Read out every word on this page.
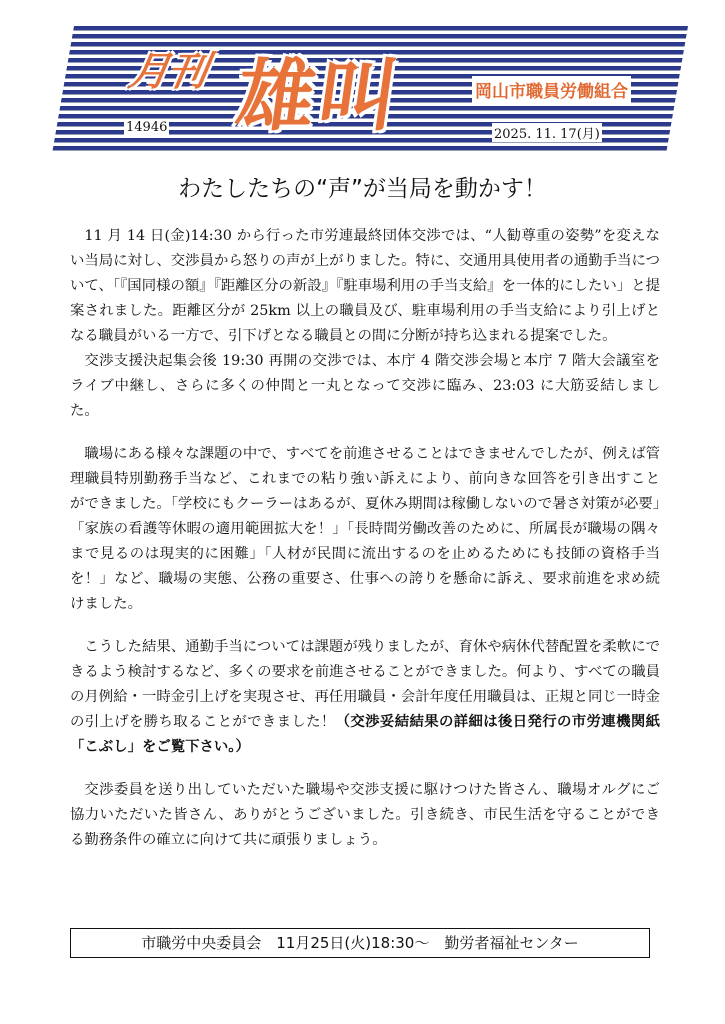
月刊 雄叫	岡山市職員労働組合
14946	2025. 11. 17(月)
わたしたちの“声”が当局を動かす！

11 月 14 日(金)14:30 から行った市労連最終団体交渉では、“人勧尊重の姿勢”を変えない当局に対し、交渉員から怒りの声が上がりました。特に、交通用具使用者の通勤手当について、「『国同様の額』『距離区分の新設』『駐車場利用の手当支給』を一体的にしたい」と提案されました。距離区分が 25km 以上の職員及び、駐車場利用の手当支給により引上げとなる職員がいる一方で、引下げとなる職員との間に分断が持ち込まれる提案でした。

交渉支援決起集会後 19:30 再開の交渉では、本庁 4 階交渉会場と本庁 7 階大会議室をライブ中継し、さらに多くの仲間と一丸となって交渉に臨み、23:03 に大筋妥結しました。

職場にある様々な課題の中で、すべてを前進させることはできませんでしたが、例えば管理職員特別勤務手当など、これまでの粘り強い訴えにより、前向きな回答を引き出すことができました。「学校にもクーラーはあるが、夏休み期間は稼働しないので暑さ対策が必要」「家族の看護等休暇の適用範囲拡大を！」「長時間労働改善のために、所属長が職場の隅々まで見るのは現実的に困難」「人材が民間に流出するのを止めるためにも技師の資格手当を！」など、職場の実態、公務の重要さ、仕事への誇りを懸命に訴え、要求前進を求め続けました。

こうした結果、通勤手当については課題が残りましたが、育休や病休代替配置を柔軟にできるよう検討するなど、多くの要求を前進させることができました。何より、すべての職員の月例給・一時金引上げを実現させ、再任用職員・会計年度任用職員は、正規と同じ一時金の引上げを勝ち取ることができました！（交渉妥結結果の詳細は後日発行の市労連機関紙「こぶし」をご覧下さい。）

交渉委員を送り出していただいた職場や交渉支援に駆けつけた皆さん、職場オルグにご協力いただいた皆さん、ありがとうございました。引き続き、市民生活を守ることができる勤務条件の確立に向けて共に頑張りましょう。

市職労中央委員会　11月25日(火)18:30～　勤労者福祉センター
